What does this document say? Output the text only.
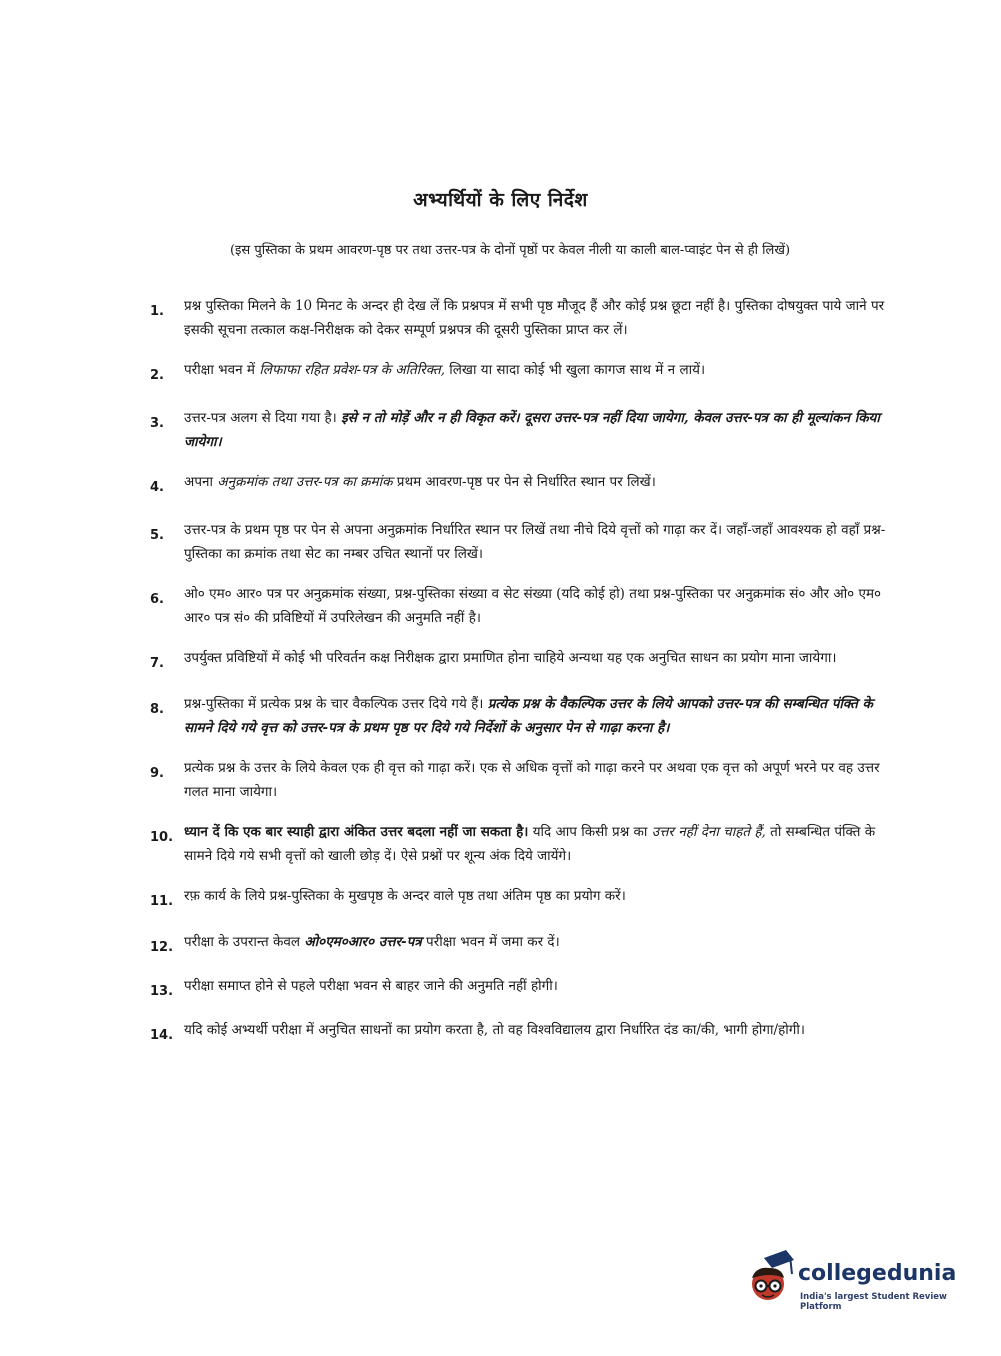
अभ्यर्थियों के लिए निर्देश
(इस पुस्तिका के प्रथम आवरण-पृष्ठ पर तथा उत्तर-पत्र के दोनों पृष्ठों पर केवल नीली या काली बाल-प्वाइंट पेन से ही लिखें)
1.	प्रश्न पुस्तिका मिलने के 10 मिनट के अन्दर ही देख लें कि प्रश्नपत्र में सभी पृष्ठ मौजूद हैं और कोई प्रश्न छूटा नहीं है। पुस्तिका दोषयुक्त पाये जाने पर इसकी सूचना तत्काल कक्ष-निरीक्षक को देकर सम्पूर्ण प्रश्नपत्र की दूसरी पुस्तिका प्राप्त कर लें।
2.	परीक्षा भवन में लिफाफा रहित प्रवेश-पत्र के अतिरिक्त, लिखा या सादा कोई भी खुला कागज साथ में न लायें।
3.	उत्तर-पत्र अलग से दिया गया है। इसे न तो मोड़ें और न ही विकृत करें। दूसरा उत्तर-पत्र नहीं दिया जायेगा, केवल उत्तर-पत्र का ही मूल्यांकन किया जायेगा।
4.	अपना अनुक्रमांक तथा उत्तर-पत्र का क्रमांक प्रथम आवरण-पृष्ठ पर पेन से निर्धारित स्थान पर लिखें।
5.	उत्तर-पत्र के प्रथम पृष्ठ पर पेन से अपना अनुक्रमांक निर्धारित स्थान पर लिखें तथा नीचे दिये वृत्तों को गाढ़ा कर दें। जहाँ-जहाँ आवश्यक हो वहाँ प्रश्न-पुस्तिका का क्रमांक तथा सेट का नम्बर उचित स्थानों पर लिखें।
6.	ओ० एम० आर० पत्र पर अनुक्रमांक संख्या, प्रश्न-पुस्तिका संख्या व सेट संख्या (यदि कोई हो) तथा प्रश्न-पुस्तिका पर अनुक्रमांक सं० और ओ० एम० आर० पत्र सं० की प्रविष्टियों में उपरिलेखन की अनुमति नहीं है।
7.	उपर्युक्त प्रविष्टियों में कोई भी परिवर्तन कक्ष निरीक्षक द्वारा प्रमाणित होना चाहिये अन्यथा यह एक अनुचित साधन का प्रयोग माना जायेगा।
8.	प्रश्न-पुस्तिका में प्रत्येक प्रश्न के चार वैकल्पिक उत्तर दिये गये हैं। प्रत्येक प्रश्न के वैकल्पिक उत्तर के लिये आपको उत्तर-पत्र की सम्बन्धित पंक्ति के सामने दिये गये वृत्त को उत्तर-पत्र के प्रथम पृष्ठ पर दिये गये निर्देशों के अनुसार पेन से गाढ़ा करना है।
9.	प्रत्येक प्रश्न के उत्तर के लिये केवल एक ही वृत्त को गाढ़ा करें। एक से अधिक वृत्तों को गाढ़ा करने पर अथवा एक वृत्त को अपूर्ण भरने पर वह उत्तर गलत माना जायेगा।
10. ध्यान दें कि एक बार स्याही द्वारा अंकित उत्तर बदला नहीं जा सकता है। यदि आप किसी प्रश्न का उत्तर नहीं देना चाहते हैं, तो सम्बन्धित पंक्ति के सामने दिये गये सभी वृत्तों को खाली छोड़ दें। ऐसे प्रश्नों पर शून्य अंक दिये जायेंगे।
11. रफ़ कार्य के लिये प्रश्न-पुस्तिका के मुखपृष्ठ के अन्दर वाले पृष्ठ तथा अंतिम पृष्ठ का प्रयोग करें।
12. परीक्षा के उपरान्त केवल ओ०एम०आर० उत्तर-पत्र परीक्षा भवन में जमा कर दें।
13. परीक्षा समाप्त होने से पहले परीक्षा भवन से बाहर जाने की अनुमति नहीं होगी।
14. यदि कोई अभ्यर्थी परीक्षा में अनुचित साधनों का प्रयोग करता है, तो वह विश्वविद्यालय द्वारा निर्धारित दंड का/की, भागी होगा/होगी।
collegedunia
India's largest Student Review Platform
